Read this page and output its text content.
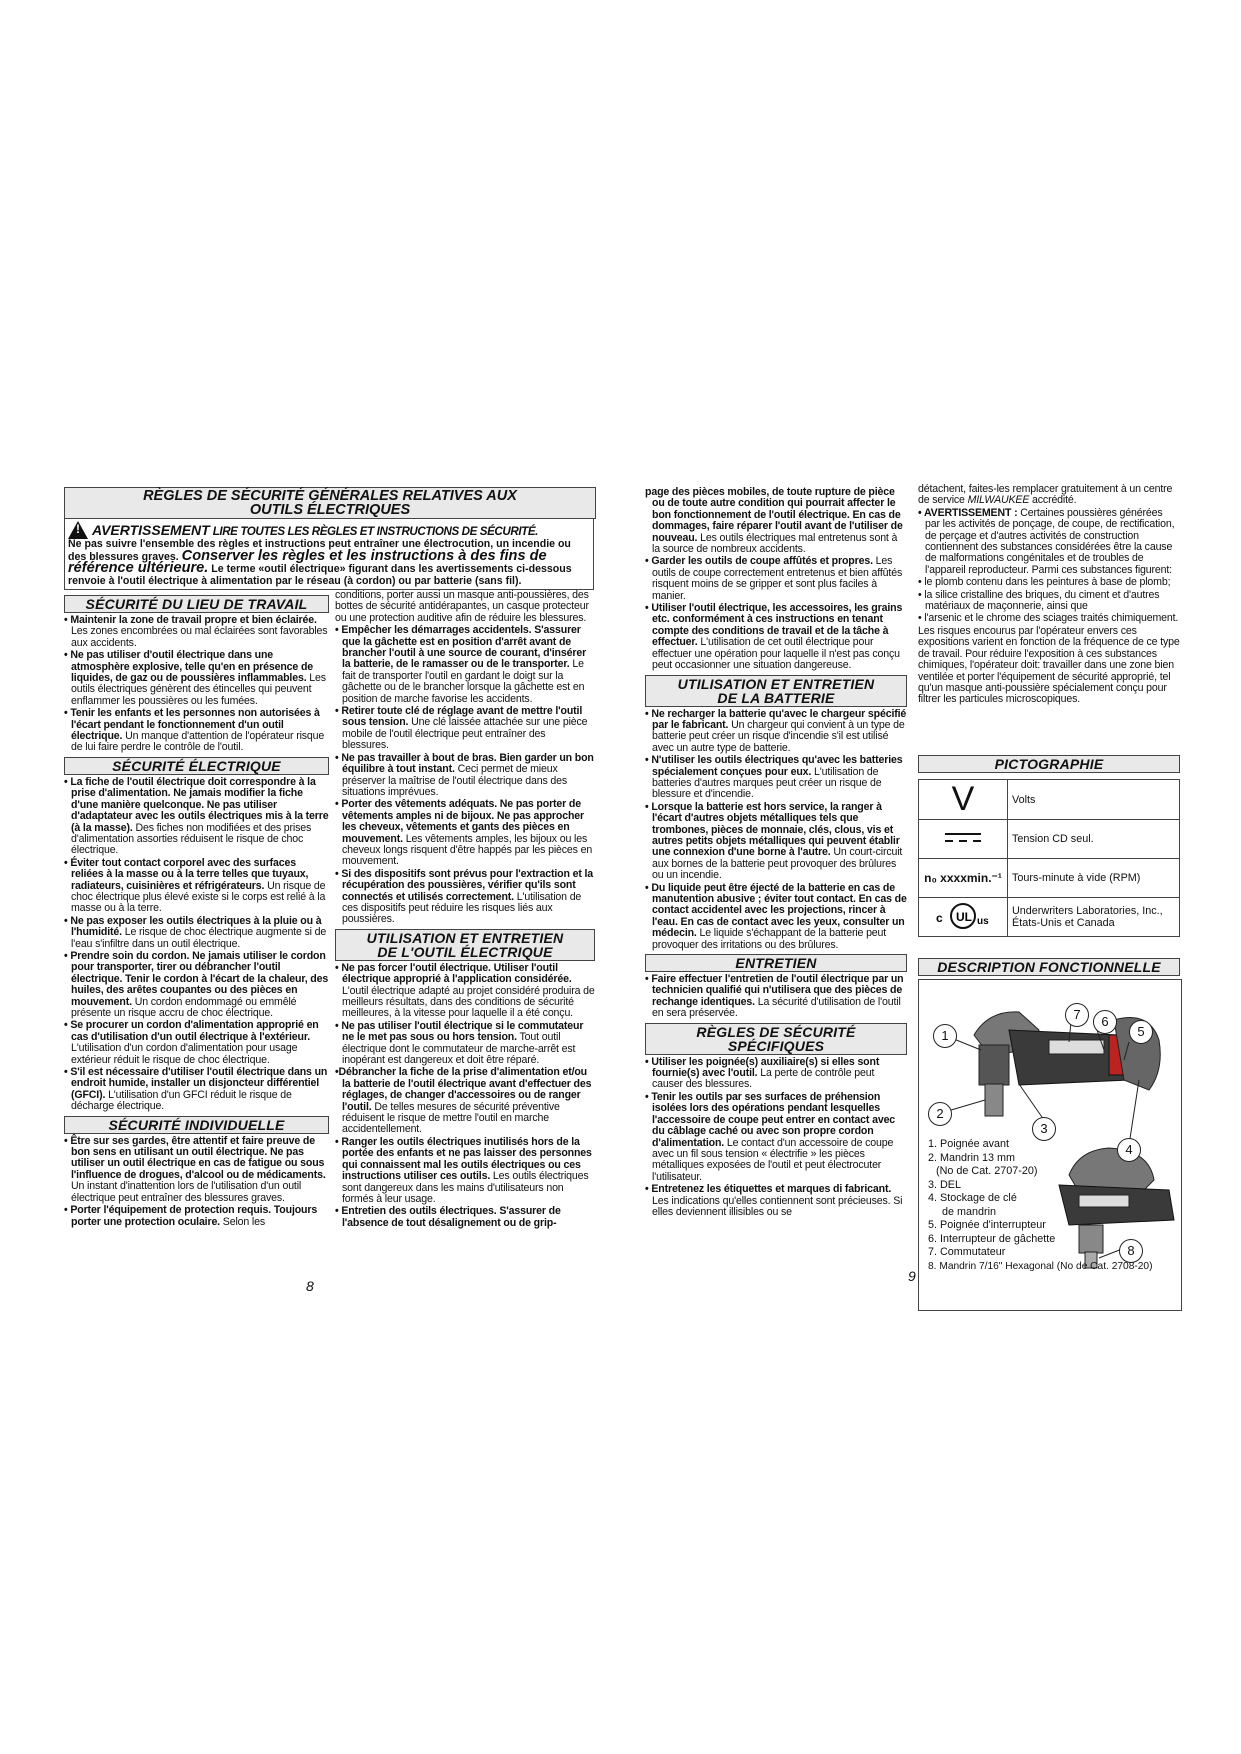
RÈGLES DE SÉCURITÉ GÉNÉRALES RELATIVES AUX
OUTILS ÉLECTRIQUES
!AVERTISSEMENT LIRE TOUTES LES RÈGLES ET INSTRUCTIONS DE SÉCURITÉ.
Ne pas suivre l'ensemble des règles et instructions peut entraîner une électrocution, un incendie ou des blessures graves. Conserver les règles et les instructions à des fins de référence ultérieure. Le terme «outil électrique» figurant dans les avertissements ci-dessous renvoie à l'outil électrique à alimentation par le réseau (à cordon) ou par batterie (sans fil).
SÉCURITÉ DU LIEU DE TRAVAIL

• Maintenir la zone de travail propre et bien éclairée. Les zones encombrées ou mal éclairées sont favorables aux accidents.

• Ne pas utiliser d'outil électrique dans une atmosphère explosive, telle qu'en en présence de liquides, de gaz ou de poussières inflammables. Les outils électriques génèrent des étincelles qui peuvent enflammer les poussières ou les fumées.

• Tenir les enfants et les personnes non autorisées à l'écart pendant le fonctionnement d'un outil électrique. Un manque d'attention de l'opérateur risque de lui faire perdre le contrôle de l'outil.

SÉCURITÉ ÉLECTRIQUE

• La fiche de l'outil électrique doit correspondre à la prise d'alimentation. Ne jamais modifier la fiche d'une manière quelconque. Ne pas utiliser d'adaptateur avec les outils électriques mis à la terre (à la masse). Des fiches non modifiées et des prises d'alimentation assorties réduisent le risque de choc électrique.

• Éviter tout contact corporel avec des surfaces reliées à la masse ou à la terre telles que tuyaux, radiateurs, cuisinières et réfrigérateurs. Un risque de choc électrique plus élevé existe si le corps est relié à la masse ou à la terre.

• Ne pas exposer les outils électriques à la pluie ou à l'humidité. Le risque de choc électrique augmente si de l'eau s'infiltre dans un outil électrique.

• Prendre soin du cordon. Ne jamais utiliser le cordon pour transporter, tirer ou débrancher l'outil électrique. Tenir le cordon à l'écart de la chaleur, des huiles, des arêtes coupantes ou des pièces en mouvement. Un cordon endommagé ou emmêlé présente un risque accru de choc électrique.

• Se procurer un cordon d'alimentation approprié en cas d'utilisation d'un outil électrique à l'extérieur. L'utilisation d'un cordon d'alimentation pour usage extérieur réduit le risque de choc électrique.

• S'il est nécessaire d'utiliser l'outil électrique dans un endroit humide, installer un disjoncteur différentiel (GFCI). L'utilisation d'un GFCI réduit le risque de décharge électrique.

SÉCURITÉ INDIVIDUELLE

• Être sur ses gardes, être attentif et faire preuve de bon sens en utilisant un outil électrique. Ne pas utiliser un outil électrique en cas de fatigue ou sous l'influence de drogues, d'alcool ou de médicaments. Un instant d'inattention lors de l'utilisation d'un outil électrique peut entraîner des blessures graves.

• Porter l'équipement de protection requis. Toujours porter une protection oculaire. Selon les

8

conditions, porter aussi un masque anti-poussières, des bottes de sécurité antidérapantes, un casque protecteur ou une protection auditive afin de réduire les blessures.

• Empêcher les démarrages accidentels. S'assurer que la gâchette est en position d'arrêt avant de brancher l'outil à une source de courant, d'insérer la batterie, de le ramasser ou de le transporter. Le fait de transporter l'outil en gardant le doigt sur la gâchette ou de le brancher lorsque la gâchette est en position de marche favorise les accidents.

• Retirer toute clé de réglage avant de mettre l'outil sous tension. Une clé laissée attachée sur une pièce mobile de l'outil électrique peut entraîner des blessures.

• Ne pas travailler à bout de bras. Bien garder un bon équilibre à tout instant. Ceci permet de mieux préserver la maîtrise de l'outil électrique dans des situations imprévues.

• Porter des vêtements adéquats. Ne pas porter de vêtements amples ni de bijoux. Ne pas approcher les cheveux, vêtements et gants des pièces en mouvement. Les vêtements amples, les bijoux ou les cheveux longs risquent d'être happés par les pièces en mouvement.

• Si des dispositifs sont prévus pour l'extraction et la récupération des poussières, vérifier qu'ils sont connectés et utilisés correctement. L'utilisation de ces dispositifs peut réduire les risques liés aux poussières.

UTILISATION ET ENTRETIEN
DE L'OUTIL ÉLECTRIQUE

• Ne pas forcer l'outil électrique. Utiliser l'outil électrique approprié à l'application considérée. L'outil électrique adapté au projet considéré produira de meilleurs résultats, dans des conditions de sécurité meilleures, à la vitesse pour laquelle il a été conçu.

• Ne pas utiliser l'outil électrique si le commutateur ne le met pas sous ou hors tension. Tout outil électrique dont le commutateur de marche-arrêt est inopérant est dangereux et doit être réparé.

•Débrancher la fiche de la prise d'alimentation et/ou la batterie de l'outil électrique avant d'effectuer des réglages, de changer d'accessoires ou de ranger l'outil. De telles mesures de sécurité préventive réduisent le risque de mettre l'outil en marche accidentellement.

• Ranger les outils électriques inutilisés hors de la portée des enfants et ne pas laisser des personnes qui connaissent mal les outils électriques ou ces instructions utiliser ces outils. Les outils électriques sont dangereux dans les mains d'utilisateurs non formés à leur usage.

• Entretien des outils électriques. S'assurer de l'absence de tout désalignement ou de grip-

page des pièces mobiles, de toute rupture de pièce ou de toute autre condition qui pourrait affecter le bon fonctionnement de l'outil électrique. En cas de dommages, faire réparer l'outil avant de l'utiliser de nouveau. Les outils électriques mal entretenus sont à la source de nombreux accidents.

• Garder les outils de coupe affûtés et propres. Les outils de coupe correctement entretenus et bien affûtés risquent moins de se gripper et sont plus faciles à manier.

• Utiliser l'outil électrique, les accessoires, les grains etc. conformément à ces instructions en tenant compte des conditions de travail et de la tâche à effectuer. L'utilisation de cet outil électrique pour effectuer une opération pour laquelle il n'est pas conçu peut occasionner une situation dangereuse.

UTILISATION ET ENTRETIEN
DE LA BATTERIE

• Ne recharger la batterie qu'avec le chargeur spécifié par le fabricant. Un chargeur qui convient à un type de batterie peut créer un risque d'incendie s'il est utilisé avec un autre type de batterie.

• N'utiliser les outils électriques qu'avec les batteries spécialement conçues pour eux. L'utilisation de batteries d'autres marques peut créer un risque de blessure et d'incendie.

• Lorsque la batterie est hors service, la ranger à l'écart d'autres objets métalliques tels que trombones, pièces de monnaie, clés, clous, vis et autres petits objets métalliques qui peuvent établir une connexion d'une borne à l'autre. Un court-circuit aux bornes de la batterie peut provoquer des brûlures ou un incendie.

• Du liquide peut être éjecté de la batterie en cas de manutention abusive ; éviter tout contact. En cas de contact accidentel avec les projections, rincer à l'eau. En cas de contact avec les yeux, consulter un médecin. Le liquide s'échappant de la batterie peut provoquer des irritations ou des brûlures.

ENTRETIEN

• Faire effectuer l'entretien de l'outil électrique par un technicien qualifié qui n'utilisera que des pièces de rechange identiques. La sécurité d'utilisation de l'outil en sera préservée.

RÈGLES DE SÉCURITÉ
SPÉCIFIQUES

• Utiliser les poignée(s) auxiliaire(s) si elles sont fournie(s) avec l'outil. La perte de contrôle peut causer des blessures.

• Tenir les outils par ses surfaces de préhension isolées lors des opérations pendant lesquelles l'accessoire de coupe peut entrer en contact avec du câblage caché ou avec son propre cordon d'alimentation. Le contact d'un accessoire de coupe avec un fil sous tension « électrifie » les pièces métalliques exposées de l'outil et peut électrocuter l'utilisateur.

• Entretenez les étiquettes et marques di fabricant. Les indications qu'elles contiennent sont précieuses. Si elles deviennent illisibles ou se

9

détachent, faites-les remplacer gratuitement à un centre de service MILWAUKEE accrédité.

• AVERTISSEMENT : Certaines poussières générées par les activités de ponçage, de coupe, de rectification, de perçage et d'autres activités de construction contiennent des substances considérées être la cause de malformations congénitales et de troubles de l'appareil reproducteur. Parmi ces substances figurent:

• le plomb contenu dans les peintures à base de plomb;

• la silice cristalline des briques, du ciment et d'autres matériaux de maçonnerie, ainsi que

• l'arsenic et le chrome des sciages traités chimiquement.

Les risques encourus par l'opérateur envers ces expositions varient en fonction de la fréquence de ce type de travail. Pour réduire l'exposition à ces substances chimiques, l'opérateur doit: travailler dans une zone bien ventilée et porter l'équipement de sécurité approprié, tel qu'un masque anti-poussière spécialement conçu pour filtrer les particules microscopiques.

PICTOGRAPHIE
V	Volts
	Tension CD seul.
n₀ xxxxmin.⁻¹	Tours-minute à vide (RPM)

c UL us	Underwriters Laboratories, Inc., États-Unis et Canada
DESCRIPTION FONCTIONNELLE
1
2
3
4
5
6
7
8
1. Poignée avant
2. Mandrin 13 mm
(No de Cat. 2707-20)
3. DEL
4. Stockage de clé
de mandrin
5. Poignée d'interrupteur
6. Interrupteur de gâchette
7. Commutateur
8. Mandrin 7/16" Hexagonal (No de Cat. 2708-20)
